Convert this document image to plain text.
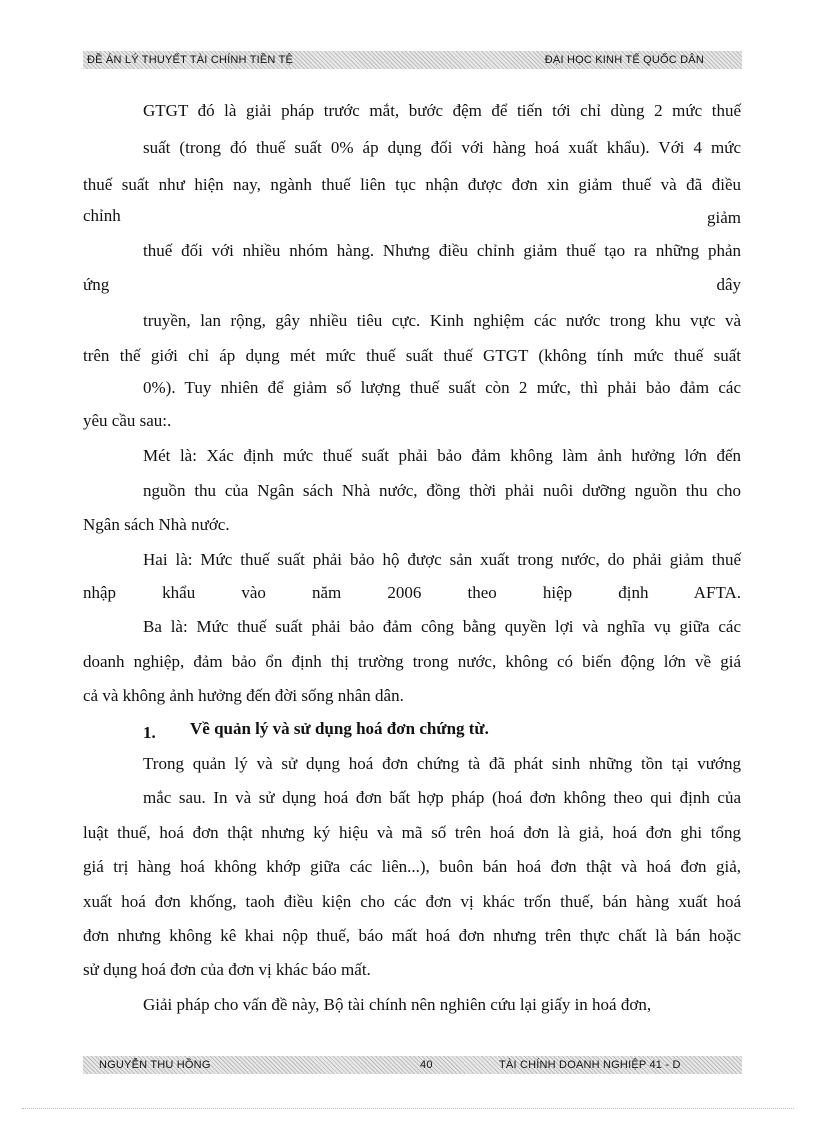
ĐỀ ÁN LÝ THUYẾT TÀI CHÍNH TIỀN TỆ	ĐẠI HỌC KINH TẾ QUỐC DÂN
GTGT đó là giải pháp trước mắt, bước đệm để tiến tới chỉ dùng 2 mức thuế
suất (trong đó thuế suất 0% áp dụng đối với hàng hoá xuất khẩu). Với 4 mức
thuế suất như hiện nay, ngành thuế liên tục nhận được đơn xin giảm thuế và đã điều
chỉnh	giảm
thuế đối với nhiều nhóm hàng. Nhưng điều chỉnh giảm thuế tạo ra những phản
ứng	dây
truyền, lan rộng, gây nhiều tiêu cực. Kinh nghiệm các nước trong khu vực và
trên thế giới chỉ áp dụng mét mức thuế suất thuế GTGT (không tính mức thuế suất
0%). Tuy nhiên để giảm số lượng thuế suất còn 2 mức, thì phải bảo đảm các
yêu cầu sau:.
Mét là: Xác định mức thuế suất phải bảo đảm không làm ảnh hưởng lớn đến
nguồn thu của Ngân sách Nhà nước, đồng thời phải nuôi dưỡng nguồn thu cho
Ngân sách Nhà nước.
Hai là: Mức thuế suất phải bảo hộ được sản xuất trong nước, do phải giảm thuế
nhập khẩu vào năm 2006 theo hiệp định AFTA.
Ba là: Mức thuế suất phải bảo đảm công bằng quyền lợi và nghĩa vụ giữa các
doanh nghiệp, đảm bảo ổn định thị trường trong nước, không có biến động lớn về giá
cả và không ảnh hưởng đến đời sống nhân dân.
1. Về quản lý và sử dụng hoá đơn chứng từ.
Trong quản lý và sử dụng hoá đơn chứng tà đã phát sinh những tồn tại vướng
mắc sau. In và sử dụng hoá đơn bất hợp pháp (hoá đơn không theo qui định của
luật thuế, hoá đơn thật nhưng ký hiệu và mã số trên hoá đơn là giả, hoá đơn ghi tổng
giá trị hàng hoá không khớp giữa các liên...), buôn bán hoá đơn thật và hoá đơn giả,
xuất hoá đơn khống, taoh điều kiện cho các đơn vị khác trốn thuế, bán hàng xuất hoá
đơn nhưng không kê khai nộp thuế, báo mất hoá đơn nhưng trên thực chất là bán hoặc
sử dụng hoá đơn của đơn vị khác báo mất.
Giải pháp cho vấn đề này, Bộ tài chính nên nghiên cứu lại giấy in hoá đơn,
NGUYỄN THU HỒNG	40	TÀI CHÍNH DOANH NGHIỆP 41 - D
